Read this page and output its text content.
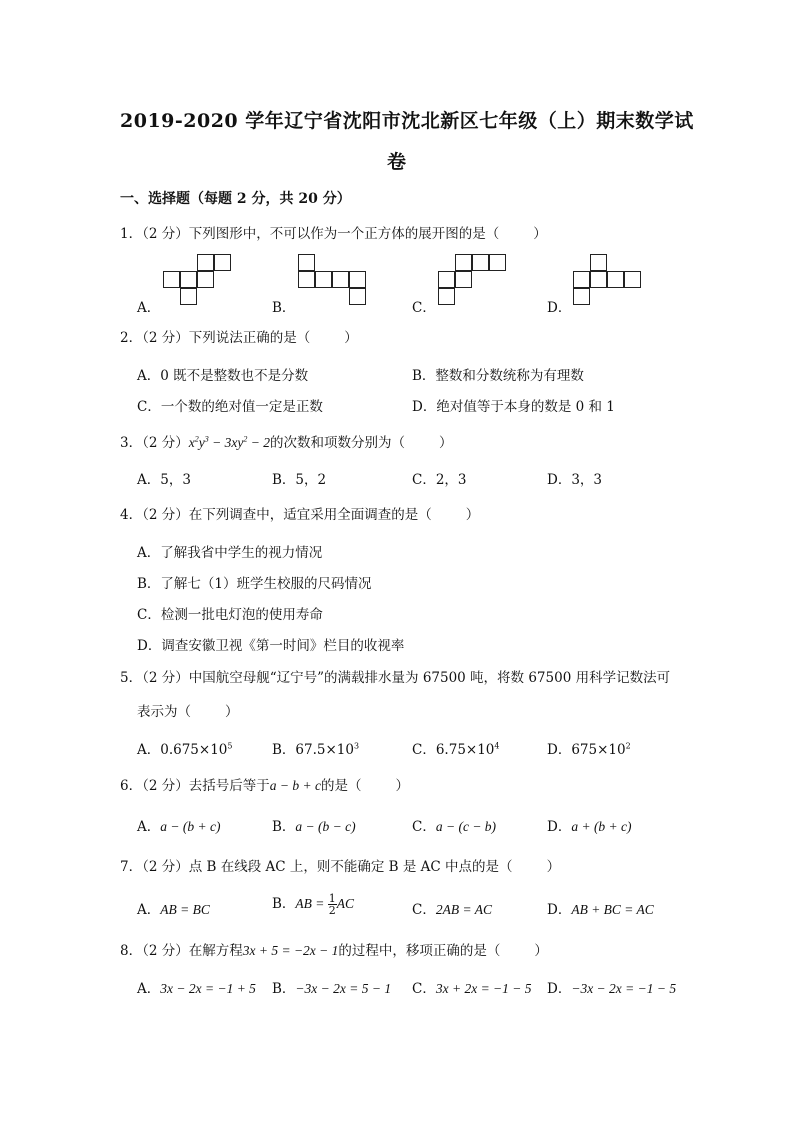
2019-2020 学年辽宁省沈阳市沈北新区七年级（上）期末数学试
卷
一、选择题（每题 2 分，共 20 分）
1．（2 分）下列图形中，不可以作为一个正方体的展开图的是（	）
A．	B．	C．	D．
2．（2 分）下列说法正确的是（	）
A．0 既不是整数也不是分数	B．整数和分数统称为有理数
C．一个数的绝对值一定是正数	D．绝对值等于本身的数是 0 和 1
3．（2 分）$x^2y^3 - 3xy^2 - 2$的次数和项数分别为（	）
A．5，3	B．5，2	C．2，3	D．3，3
4．（2 分）在下列调查中，适宜采用全面调查的是（	）
A．了解我省中学生的视力情况
B．了解七（1）班学生校服的尺码情况
C．检测一批电灯泡的使用寿命
D．调查安徽卫视《第一时间》栏目的收视率
5．（2 分）中国航空母舰“辽宁号”的满载排水量为 67500 吨，将数 67500 用科学记数法可
表示为（	）
A．$0.675\times 10^5$	B．$67.5\times 10^3$	C．$6.75\times 10^4$	D．$675\times 10^2$
6．（2 分）去括号后等于a − b + c的是（	）
A．a − (b + c)	B．a − (b − c)	C．a − (c − b)	D．a + (b + c)
7．（2 分）点 B 在线段 AC 上，则不能确定 B 是 AC 中点的是（	）
A．AB = BC	B．AB = $\frac{1}{2}$ AC	C．2AB = AC	D．AB + BC = AC
8．（2 分）在解方程3x + 5 = −2x − 1的过程中，移项正确的是（	）
A．3x − 2x = −1 + 5 B．−3x − 2x = 5 − 1 C．3x + 2x = −1 − 5 D．−3x − 2x = −1 − 5
